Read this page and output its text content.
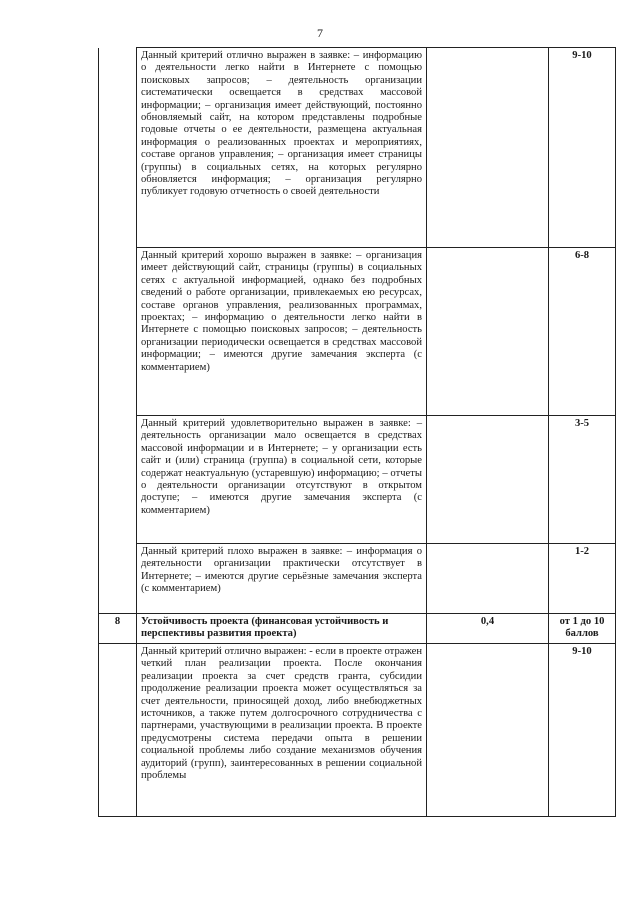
7
	Данный критерий отлично выражен в заявке: – информацию о деятельности легко найти в Интернете с помощью поисковых запросов; – деятельность организации систематически освещается в средствах массовой информации; – организация имеет действующий, постоянно обновляемый сайт, на котором представлены подробные годовые отчеты о ее деятельности, размещена актуальная информация о реализованных проектах и мероприятиях, составе органов управления; – организация имеет страницы (группы) в социальных сетях, на которых регулярно обновляется информация; – организация регулярно публикует годовую отчетность о своей деятельности		9-10
	Данный критерий хорошо выражен в заявке: – организация имеет действующий сайт, страницы (группы) в социальных сетях с актуальной информацией, однако без подробных сведений о работе организации, привлекаемых ею ресурсах, составе органов управления, реализованных программах, проектах; – информацию о деятельности легко найти в Интернете с помощью поисковых запросов; – деятельность организации периодически освещается в средствах массовой информации; – имеются другие замечания эксперта (с комментарием)		6-8
	Данный критерий удовлетворительно выражен в заявке: – деятельность организации мало освещается в средствах массовой информации и в Интернете; – у организации есть сайт и (или) страница (группа) в социальной сети, которые содержат неактуальную (устаревшую) информацию; – отчеты о деятельности организации отсутствуют в открытом доступе; – имеются другие замечания эксперта (с комментарием)		3-5
	Данный критерий плохо выражен в заявке: – информация о деятельности организации практически отсутствует в Интернете; – имеются другие серьёзные замечания эксперта (с комментарием)		1-2
8	Устойчивость проекта (финансовая устойчивость и перспективы развития проекта)	0,4	от 1 до 10 баллов
	Данный критерий отлично выражен: - если в проекте отражен четкий план реализации проекта. После окончания реализации проекта за счет средств гранта, субсидии продолжение реализации проекта может осуществляться за счет деятельности, приносящей доход, либо внебюджетных источников, а также путем долгосрочного сотрудничества с партнерами, участвующими в реализации проекта. В проекте предусмотрены система передачи опыта в решении социальной проблемы либо создание механизмов обучения аудиторий (групп), заинтересованных в решении социальной проблемы		9-10
